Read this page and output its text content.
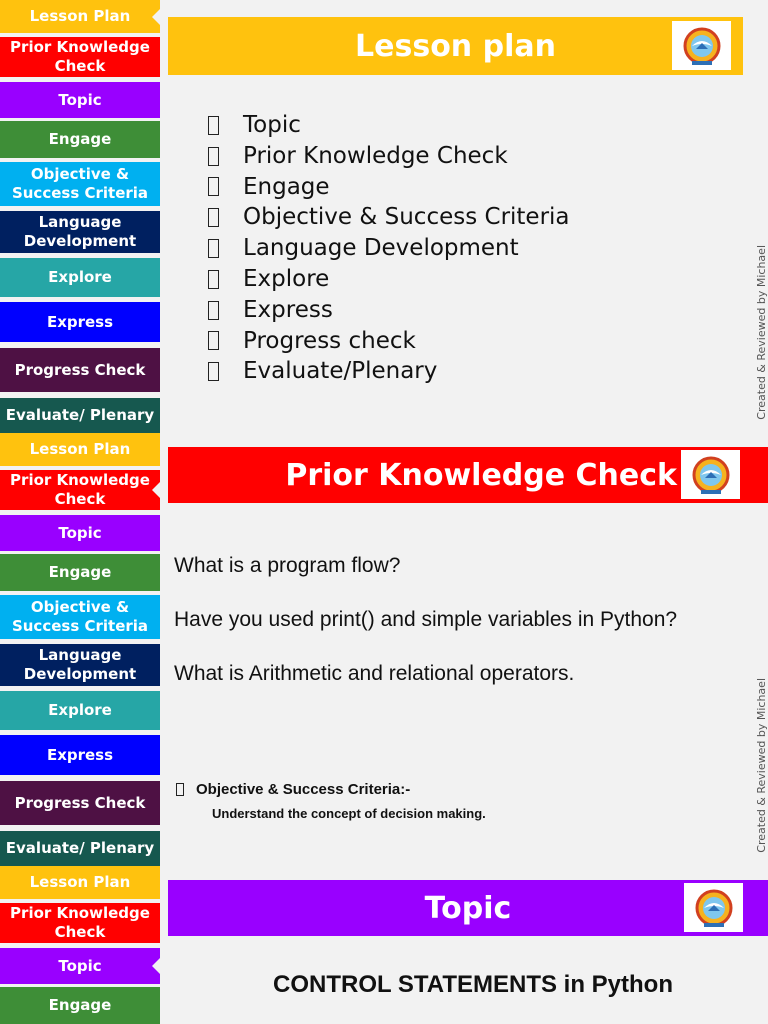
Lesson Plan
Prior Knowledge Check
Topic
Engage
Objective & Success Criteria
Language Development
Explore
Express
Progress Check
Evaluate/ Plenary
Lesson plan
Topic
Prior Knowledge Check
Engage
Objective & Success Criteria
Language Development
Explore
Express
Progress check
Evaluate/Plenary	Created & Reviewed by Michael
Lesson Plan
Prior Knowledge Check
Topic
Engage
Objective & Success Criteria
Language Development
Explore
Express
Progress Check
Evaluate/ Plenary
Prior Knowledge Check

What is a program flow?

Have you used print() and simple variables in Python?

What is Arithmetic and relational operators.

Objective & Success Criteria:-
Understand the concept of decision making.	Created & Reviewed by Michael
Lesson Plan
Prior Knowledge Check
Topic
Engage
Topic
CONTROL STATEMENTS in Python
